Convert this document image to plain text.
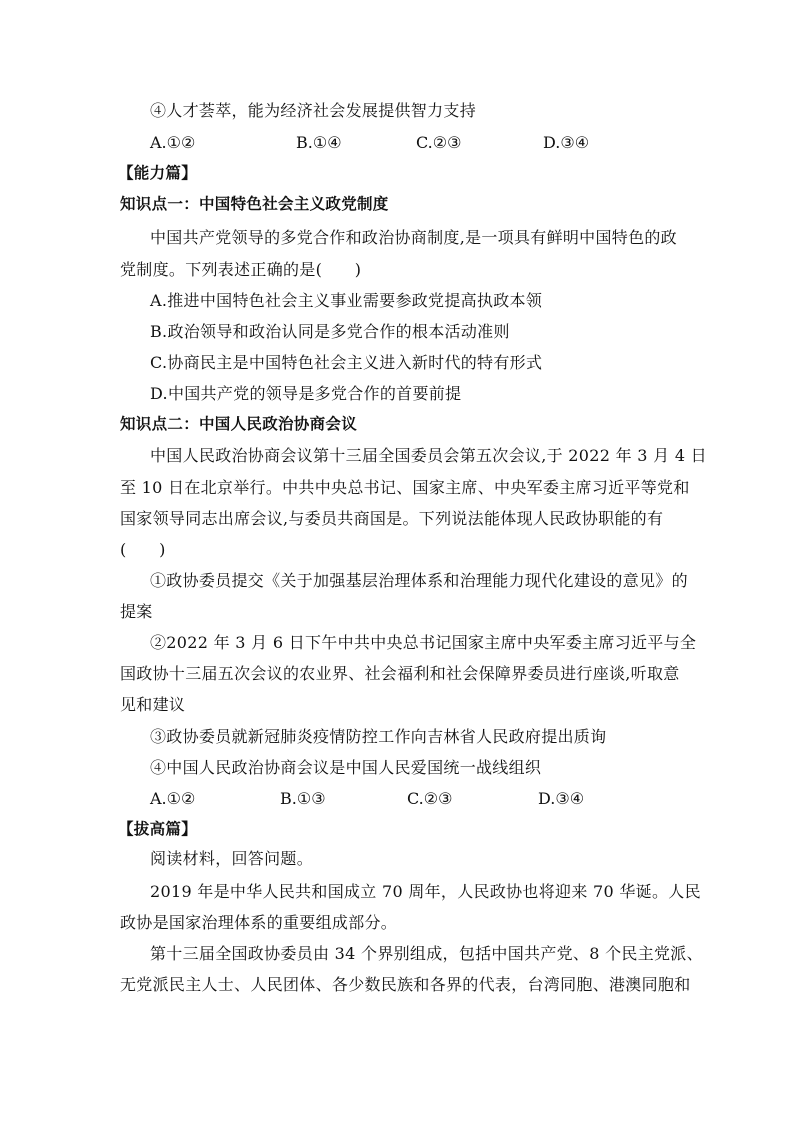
④人才荟萃，能为经济社会发展提供智力支持
A.①②	B.①④	C.②③	D.③④
【能力篇】
知识点一：中国特色社会主义政党制度
中国共产党领导的多党合作和政治协商制度,是一项具有鲜明中国特色的政
党制度。下列表述正确的是(　　)
A.推进中国特色社会主义事业需要参政党提高执政本领
B.政治领导和政治认同是多党合作的根本活动准则
C.协商民主是中国特色社会主义进入新时代的特有形式
D.中国共产党的领导是多党合作的首要前提
知识点二：中国人民政治协商会议
中国人民政治协商会议第十三届全国委员会第五次会议,于 2022 年 3 月 4 日
至 10 日在北京举行。中共中央总书记、国家主席、中央军委主席习近平等党和
国家领导同志出席会议,与委员共商国是。下列说法能体现人民政协职能的有
(　　)
①政协委员提交《关于加强基层治理体系和治理能力现代化建设的意见》的
提案
②2022 年 3 月 6 日下午中共中央总书记国家主席中央军委主席习近平与全
国政协十三届五次会议的农业界、社会福利和社会保障界委员进行座谈,听取意
见和建议
③政协委员就新冠肺炎疫情防控工作向吉林省人民政府提出质询
④中国人民政治协商会议是中国人民爱国统一战线组织
A.①②	B.①③	C.②③	D.③④
【拔高篇】
阅读材料，回答问题。
2019 年是中华人民共和国成立 70 周年，人民政协也将迎来 70 华诞。人民
政协是国家治理体系的重要组成部分。
第十三届全国政协委员由 34 个界别组成，包括中国共产党、8 个民主党派、
无党派民主人士、人民团体、各少数民族和各界的代表，台湾同胞、港澳同胞和
